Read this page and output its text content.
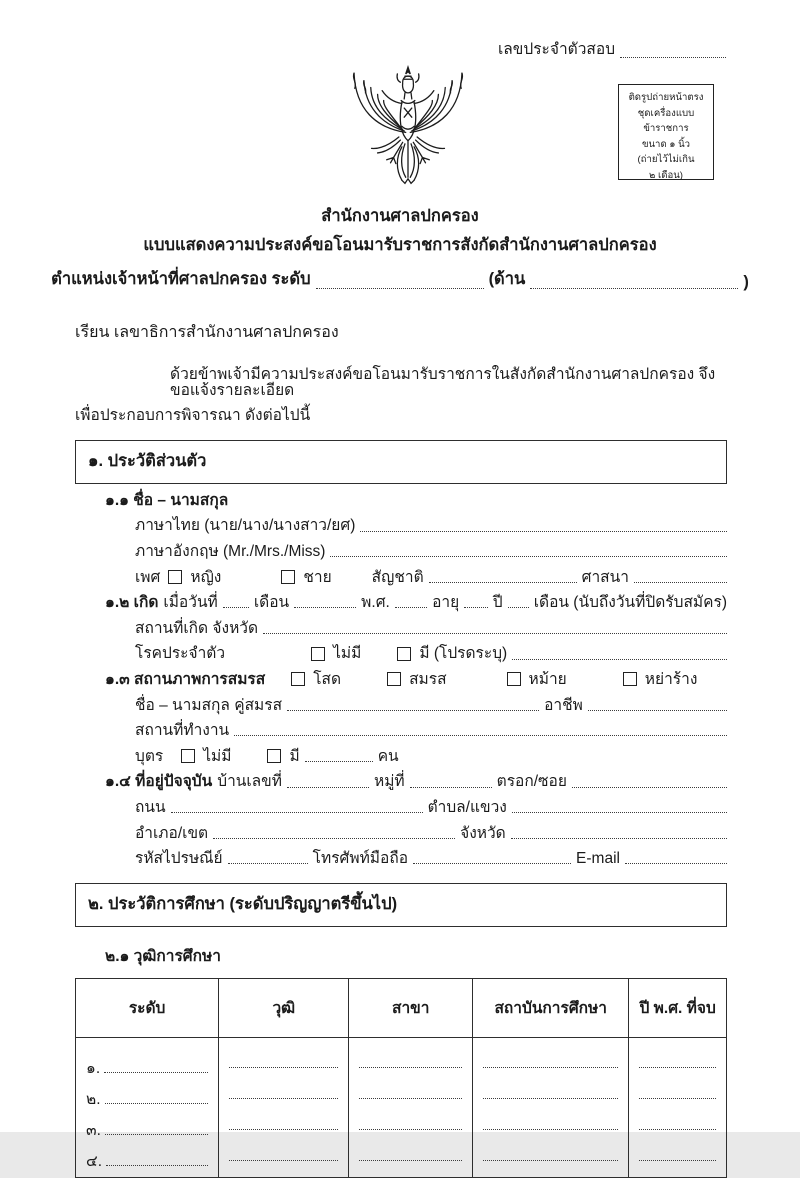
เลขประจำตัวสอบ
ติดรูปถ่ายหน้าตรง
ชุดเครื่องแบบข้าราชการ
ขนาด ๑ นิ้ว
(ถ่ายไว้ไม่เกิน
๒ เดือน)
สำนักงานศาลปกครอง
แบบแสดงความประสงค์ขอโอนมารับราชการสังกัดสำนักงานศาลปกครอง
ตำแหน่งเจ้าหน้าที่ศาลปกครอง ระดับ	(ด้าน	)
เรียน เลขาธิการสำนักงานศาลปกครอง
ด้วยข้าพเจ้ามีความประสงค์ขอโอนมารับราชการในสังกัดสำนักงานศาลปกครอง จึงขอแจ้งรายละเอียด
เพื่อประกอบการพิจารณา ดังต่อไปนี้
๑. ประวัติส่วนตัว
๑.๑ ชื่อ – นามสกุล
ภาษาไทย (นาย/นาง/นางสาว/ยศ)
ภาษาอังกฤษ (Mr./Mrs./Miss)
เพศ หญิง	ชาย	สัญชาติ	ศาสนา
๑.๒ เกิด เมื่อวันที่ เดือน	พ.ศ.	อายุ ปี เดือน (นับถึงวันที่ปิดรับสมัคร)
สถานที่เกิด จังหวัด
โรคประจำตัว	ไม่มี	มี (โปรดระบุ)
๑.๓ สถานภาพการสมรส	โสด	สมรส	หม้าย	หย่าร้าง
ชื่อ – นามสกุล คู่สมรส	อาชีพ
สถานที่ทำงาน
บุตร	ไม่มี	มี	คน
๑.๔ ที่อยู่ปัจจุบัน บ้านเลขที่	หมู่ที่	ตรอก/ซอย
ถนน	ตำบล/แขวง
อำเภอ/เขต	จังหวัด
รหัสไปรษณีย์	โทรศัพท์มือถือ	E-mail
๒. ประวัติการศึกษา (ระดับปริญญาตรีขึ้นไป)
๒.๑ วุฒิการศึกษา
ระดับ	วุฒิ	สาขา	สถาบันการศึกษา	ปี พ.ศ. ที่จบ

๑.				

๒.				

๓.				

๔.				
